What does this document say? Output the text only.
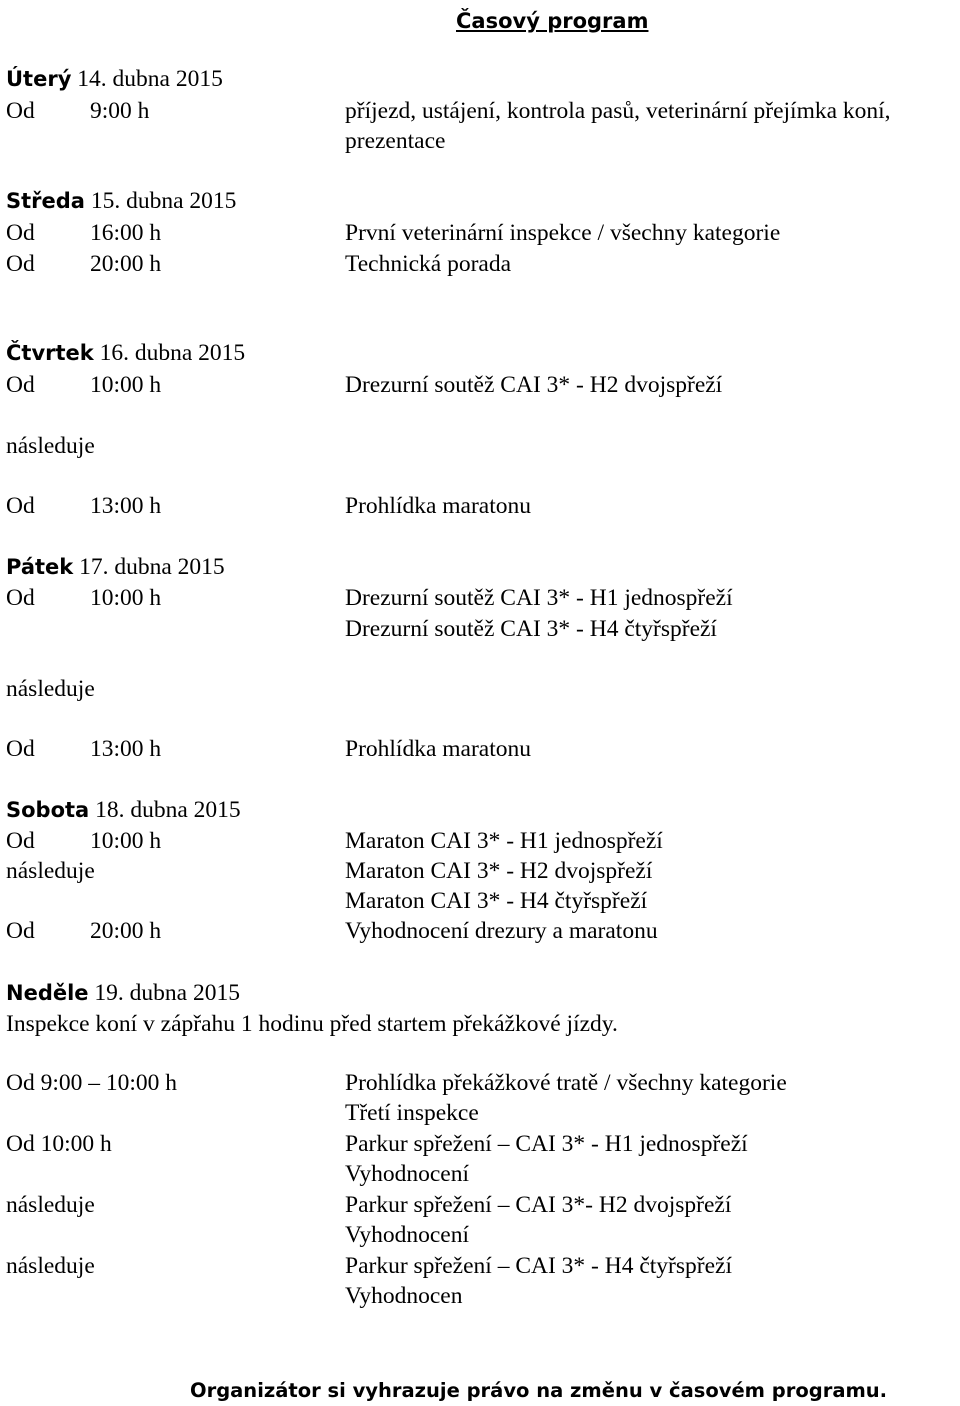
Časový program
Úterý 14. dubna 2015
Od 9:00 h	příjezd, ustájení, kontrola pasů, veterinární přejímka koní,
prezentace
Středa 15. dubna 2015
Od 16:00 h	První veterinární inspekce / všechny kategorie
Od 20:00 h	Technická porada
Čtvrtek 16. dubna 2015
Od 10:00 h	Drezurní soutěž CAI 3* - H2 dvojspřeží
následuje
Od 13:00 h	Prohlídka maratonu
Pátek 17. dubna 2015
Od 10:00 h	Drezurní soutěž CAI 3* - H1 jednospřeží
Drezurní soutěž CAI 3* - H4 čtyřspřeží
následuje
Od 13:00 h	Prohlídka maratonu
Sobota 18. dubna 2015
Od 10:00 h	Maraton CAI 3* - H1 jednospřeží
následuje	Maraton CAI 3* - H2 dvojspřeží
Maraton CAI 3* - H4 čtyřspřeží
Od 20:00 h	Vyhodnocení drezury a maratonu
Neděle 19. dubna 2015
Inspekce koní v zápřahu 1 hodinu před startem překážkové jízdy.
Od 9:00 – 10:00 h	Prohlídka překážkové tratě / všechny kategorie
Třetí inspekce
Od 10:00 h	Parkur spřežení – CAI 3* - H1 jednospřeží
Vyhodnocení
následuje	Parkur spřežení – CAI 3*- H2 dvojspřeží
Vyhodnocení
následuje	Parkur spřežení – CAI 3* - H4 čtyřspřeží
Vyhodnocen
Organizátor si vyhrazuje právo na změnu v časovém programu.
